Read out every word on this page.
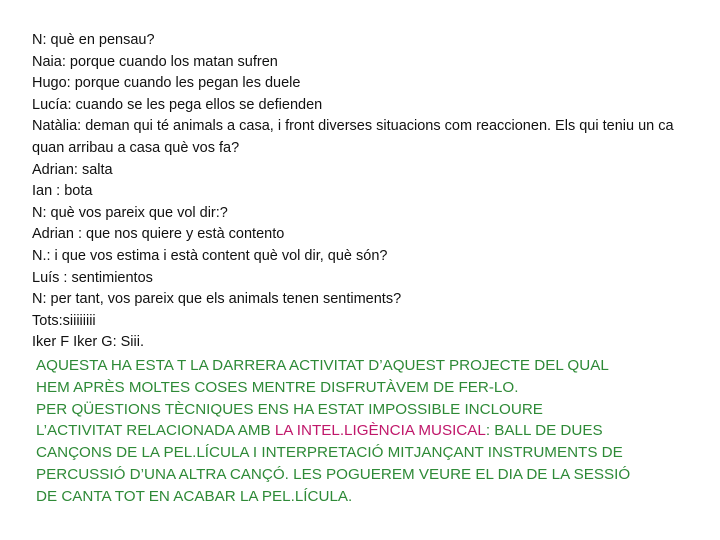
N: què en pensau?
Naia: porque cuando los matan sufren
Hugo: porque cuando les pegan les duele
Lucía: cuando se les pega ellos se defienden
Natàlia: deman qui té animals a casa, i front diverses situacions com reaccionen. Els qui teniu un ca quan arribau a casa què vos fa?
Adrian: salta
Ian : bota
N: què vos pareix que vol dir:?
Adrian : que nos quiere y està contento
N.: i que vos estima i està content què vol dir, què són?
Luís : sentimientos
N: per tant, vos pareix que els animals tenen sentiments?
Tots:siiiiiiii
Iker F Iker G: Siii.
AQUESTA HA ESTA T LA DARRERA ACTIVITAT D’AQUEST PROJECTE DEL QUAL
HEM APRÈS MOLTES COSES MENTRE DISFRUTÀVEM DE FER-LO.
PER QÜESTIONS TÈCNIQUES ENS HA ESTAT IMPOSSIBLE INCLOURE
L’ACTIVITAT RELACIONADA AMB LA INTEL.LIGÈNCIA MUSICAL: BALL DE DUES
CANÇONS DE LA PEL.LÍCULA I INTERPRETACIÓ MITJANÇANT INSTRUMENTS DE
PERCUSSIÓ D’UNA ALTRA CANÇÓ. LES POGUEREM VEURE EL DIA DE LA SESSIÓ
DE CANTA TOT EN ACABAR LA PEL.LÍCULA.
